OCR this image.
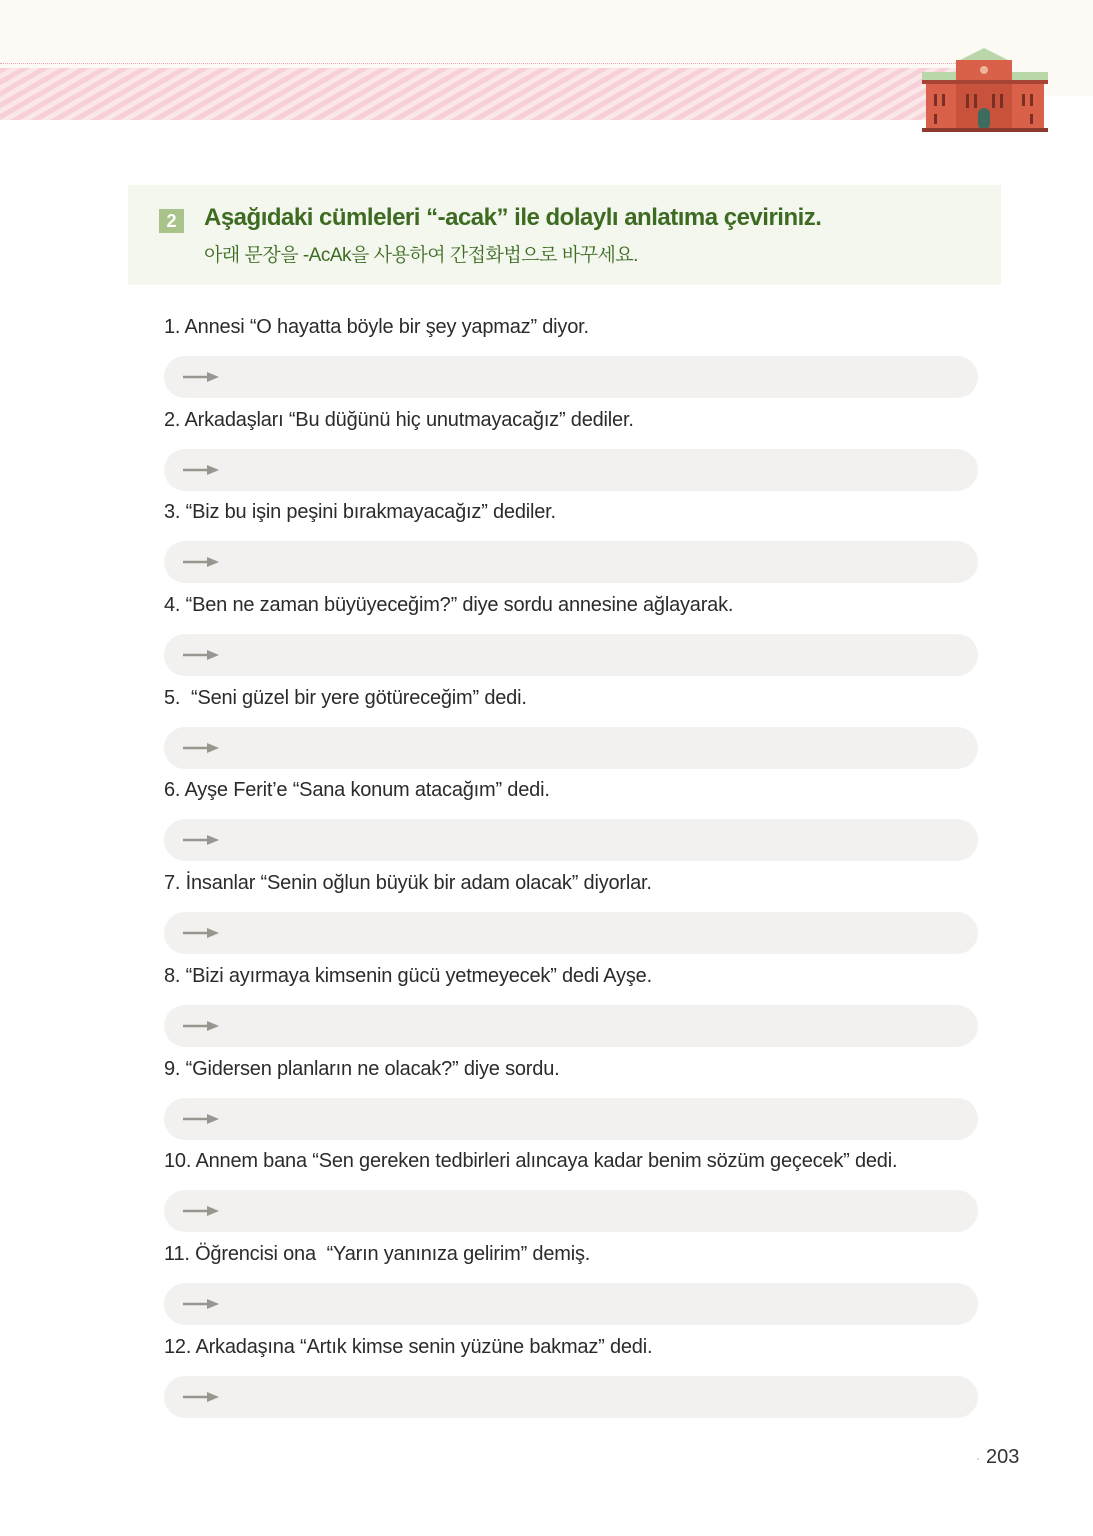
2	Aşağıdaki cümleleri “-acak” ile dolaylı anlatıma çeviriniz.
아래 문장을 -AcAk을 사용하여 간접화법으로 바꾸세요.
1. Annesi “O hayatta böyle bir şey yapmaz” diyor.
2. Arkadaşları “Bu düğünü hiç unutmayacağız” dediler.
3. “Biz bu işin peşini bırakmayacağız” dediler.
4. “Ben ne zaman büyüyeceğim?” diye sordu annesine ağlayarak.
5.  “Seni güzel bir yere götüreceğim” dedi.
6. Ayşe Ferit’e “Sana konum atacağım” dedi.
7. İnsanlar “Senin oğlun büyük bir adam olacak” diyorlar.
8. “Bizi ayırmaya kimsenin gücü yetmeyecek” dedi Ayşe.
9. “Gidersen planların ne olacak?” diye sordu.
10. Annem bana “Sen gereken tedbirleri alıncaya kadar benim sözüm geçecek” dedi.
11. Öğrencisi ona  “Yarın yanınıza gelirim” demiş.
12. Arkadaşına “Artık kimse senin yüzüne bakmaz” dedi.
· 203
